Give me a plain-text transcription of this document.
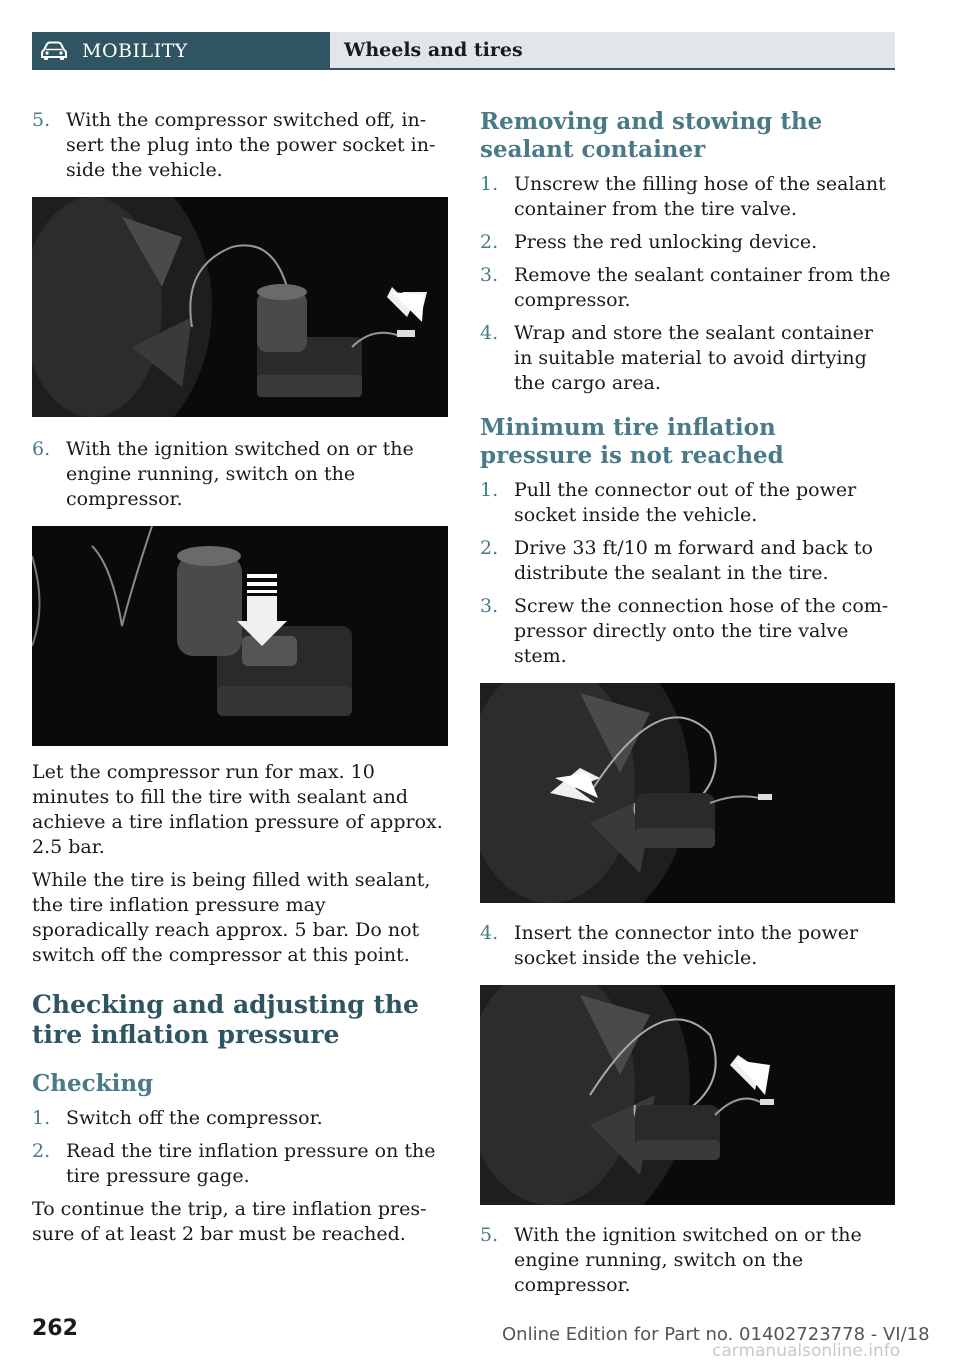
MOBILITY	Wheels and tires
5. With the compressor switched off, insert the plug into the power socket inside the vehicle.
6. With the ignition switched on or the engine running, switch on the compressor.

Let the compressor run for max. 10 minutes to fill the tire with sealant and achieve a tire inflation pressure of approx. 2.5 bar.

While the tire is being filled with sealant, the tire inflation pressure may sporadically reach approx. 5 bar. Do not switch off the compressor at this point.

Checking and adjusting the tire inflation pressure
Checking
1. Switch off the compressor.
2. Read the tire inflation pressure on the tire pressure gage.

To continue the trip, a tire inflation pressure of at least 2 bar must be reached.

Removing and stowing the sealant container
1. Unscrew the filling hose of the sealant container from the tire valve.
2. Press the red unlocking device.
3. Remove the sealant container from the compressor.
4. Wrap and store the sealant container in suitable material to avoid dirtying the cargo area.
Minimum tire inflation pressure is not reached
1. Pull the connector out of the power socket inside the vehicle.
2. Drive 33 ft/10 m forward and back to distribute the sealant in the tire.
3. Screw the connection hose of the compressor directly onto the tire valve stem.
4. Insert the connector into the power socket inside the vehicle.
5. With the ignition switched on or the engine running, switch on the compressor.
262	Online Edition for Part no. 01402723778 - VI/18
carmanualsonline.info
